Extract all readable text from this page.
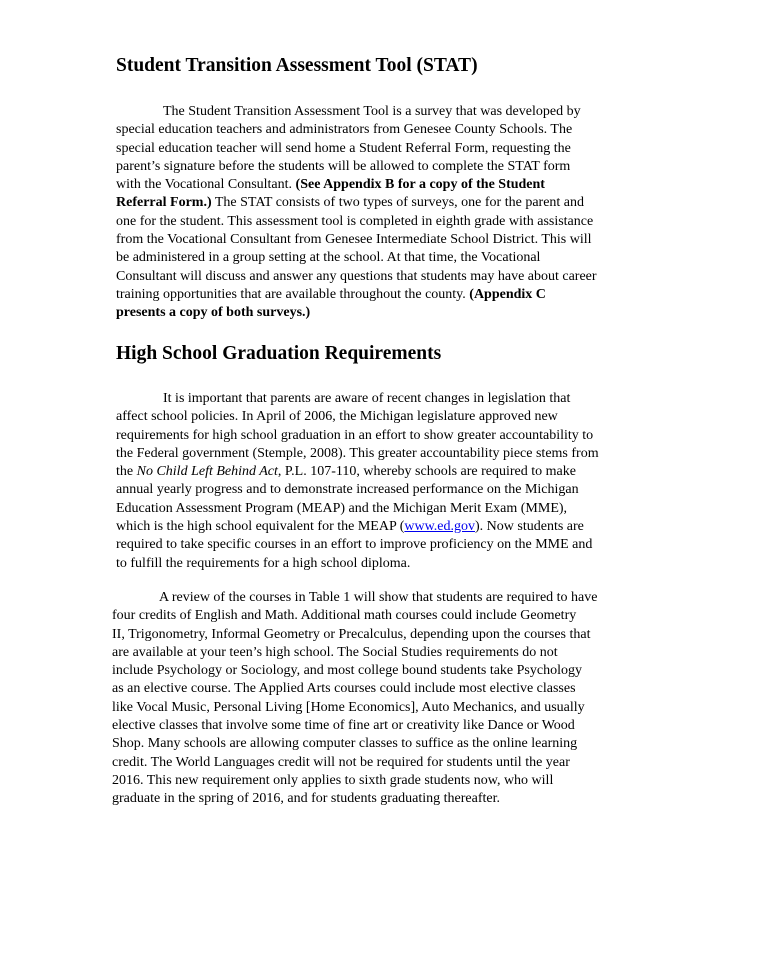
Student Transition Assessment Tool (STAT)

The Student Transition Assessment Tool is a survey that was developed by
special education teachers and administrators from Genesee County Schools. The
special education teacher will send home a Student Referral Form, requesting the
parent’s signature before the students will be allowed to complete the STAT form
with the Vocational Consultant. (See Appendix B for a copy of the Student
Referral Form.) The STAT consists of two types of surveys, one for the parent and
one for the student. This assessment tool is completed in eighth grade with assistance
from the Vocational Consultant from Genesee Intermediate School District. This will
be administered in a group setting at the school. At that time, the Vocational
Consultant will discuss and answer any questions that students may have about career
training opportunities that are available throughout the county. (Appendix C
presents a copy of both surveys.)

High School Graduation Requirements

It is important that parents are aware of recent changes in legislation that
affect school policies. In April of 2006, the Michigan legislature approved new
requirements for high school graduation in an effort to show greater accountability to
the Federal government (Stemple, 2008). This greater accountability piece stems from
the No Child Left Behind Act, P.L. 107-110, whereby schools are required to make
annual yearly progress and to demonstrate increased performance on the Michigan
Education Assessment Program (MEAP) and the Michigan Merit Exam (MME),
which is the high school equivalent for the MEAP (www.ed.gov). Now students are
required to take specific courses in an effort to improve proficiency on the MME and
to fulfill the requirements for a high school diploma.

A review of the courses in Table 1 will show that students are required to have
four credits of English and Math. Additional math courses could include Geometry
II, Trigonometry, Informal Geometry or Precalculus, depending upon the courses that
are available at your teen’s high school. The Social Studies requirements do not
include Psychology or Sociology, and most college bound students take Psychology
as an elective course. The Applied Arts courses could include most elective classes
like Vocal Music, Personal Living [Home Economics], Auto Mechanics, and usually
elective classes that involve some time of fine art or creativity like Dance or Wood
Shop. Many schools are allowing computer classes to suffice as the online learning
credit. The World Languages credit will not be required for students until the year
2016. This new requirement only applies to sixth grade students now, who will
graduate in the spring of 2016, and for students graduating thereafter.
